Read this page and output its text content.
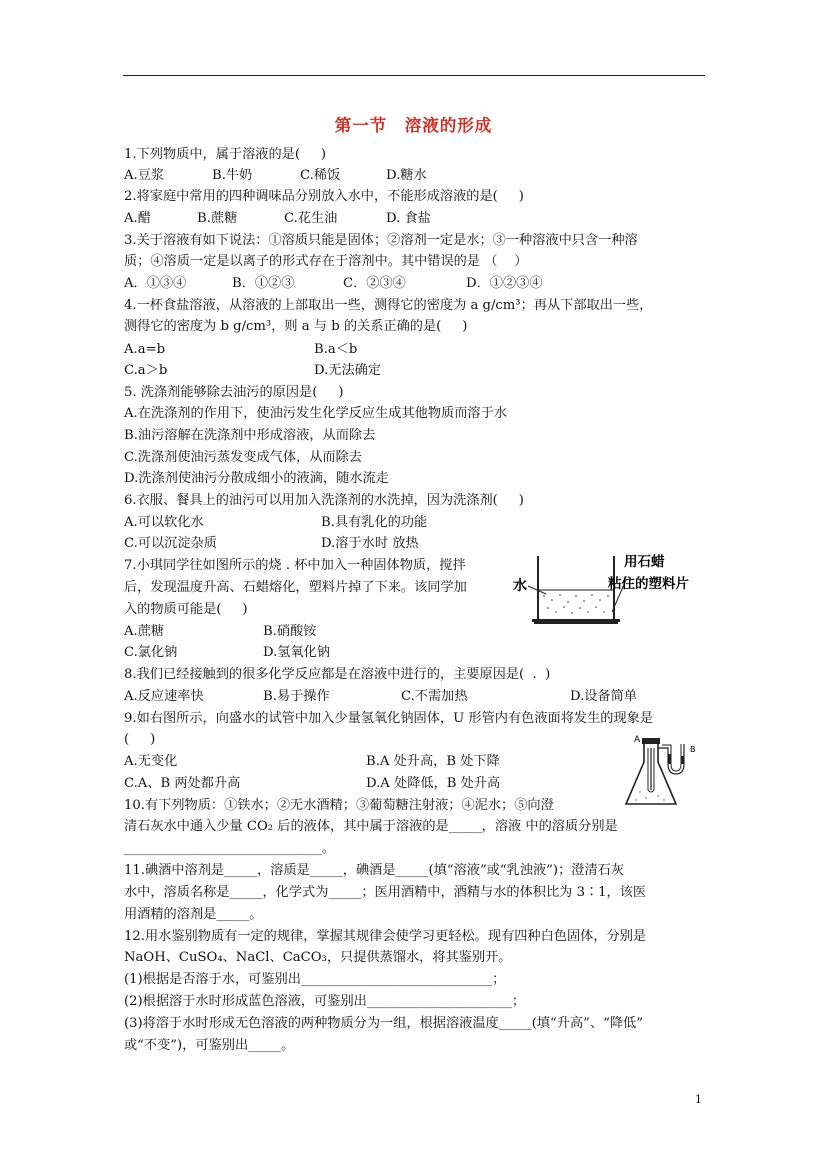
第一节　溶液的形成
1.下列物质中，属于溶液的是(     )
A.豆浆	B.牛奶	C.稀饭	D.糖水
2.将家庭中常用的四种调味品分别放入水中，不能形成溶液的是(     )
A.醋	B.蔗糖	C.花生油	D. 食盐
3.关于溶液有如下说法：①溶质只能是固体；②溶剂一定是水；③一种溶液中只含一种溶
质；④溶质一定是以离子的形式存在于溶剂中。其中错误的是 （    ）
A．①③④	B．①②③	C．②③④	D．①②③④
4.一杯食盐溶液，从溶液的上部取出一些，测得它的密度为 a g/cm³；再从下部取出一些，
测得它的密度为 b g/cm³，则 a 与 b 的关系正确的是(     )
A.a=b	B.a＜b
C.a＞b	D.无法确定
5. 洗涤剂能够除去油污的原因是(     )
A.在洗涤剂的作用下，使油污发生化学反应生成其他物质而溶于水
B.油污溶解在洗涤剂中形成溶液，从而除去
C.洗涤剂使油污蒸发变成气体，从而除去
D.洗涤剂使油污分散成细小的液滴，随水流走
6.衣服、餐具上的油污可以用加入洗涤剂的水洗掉，因为洗涤剂(     )
A.可以软化水	B.具有乳化的功能
C.可以沉淀杂质	D.溶于水时 放热
7.小琪同学往如图所示的烧 . 杯中加入一种固体物质，搅拌
后，发现温度升高、石蜡熔化，塑料片掉了下来。该同学加
入的物质可能是(     )
A.蔗糖	B.硝酸铵
C.氯化钠	D.氢氧化钠
水
用石蜡
粘住的塑料片
8.我们已经接触到的很多化学反应都是在溶液中进行的，主要原因是(  .  )
A.反应速率快	B.易于操作	C.不需加热	D.设备简单
9.如右图所示，向盛水的试管中加入少量氢氧化钠固体，U 形管内有色液面将发生的现象是
(     )
A.无变化	B.A 处升高，B 处下降
C.A、B 两处都升高	D.A 处降低，B 处升高
A
B
10.有下列物质：①铁水；②无水酒精；③葡萄糖注射液；④泥水；⑤向澄
清石灰水中通入少量 CO₂ 后的液体，其中属于溶液的是_____，溶液 中的溶质分别是
______________________________。
11.碘酒中溶剂是_____，溶质是_____，碘酒是_____(填“溶液”或“乳浊液”)；澄清石灰
水中，溶质名称是_____，化学式为_____；医用酒精中，酒精与水的体积比为 3∶1，该医
用酒精的溶剂是_____。
12.用水鉴别物质有一定的规律，掌握其规律会使学习更轻松。现有四种白色固体，分别是
NaOH、CuSO₄、NaCl、CaCO₃，只提供蒸馏水，将其鉴别开。
(1)根据是否溶于水，可鉴别出_____________________________；
(2)根据溶于水时形成蓝色溶液，可鉴别出______________________；
(3)将溶于水时形成无色溶液的两种物质分为一组，根据溶液温度_____(填“升高”、“降低”
或“不变”)，可鉴别出_____。
1
